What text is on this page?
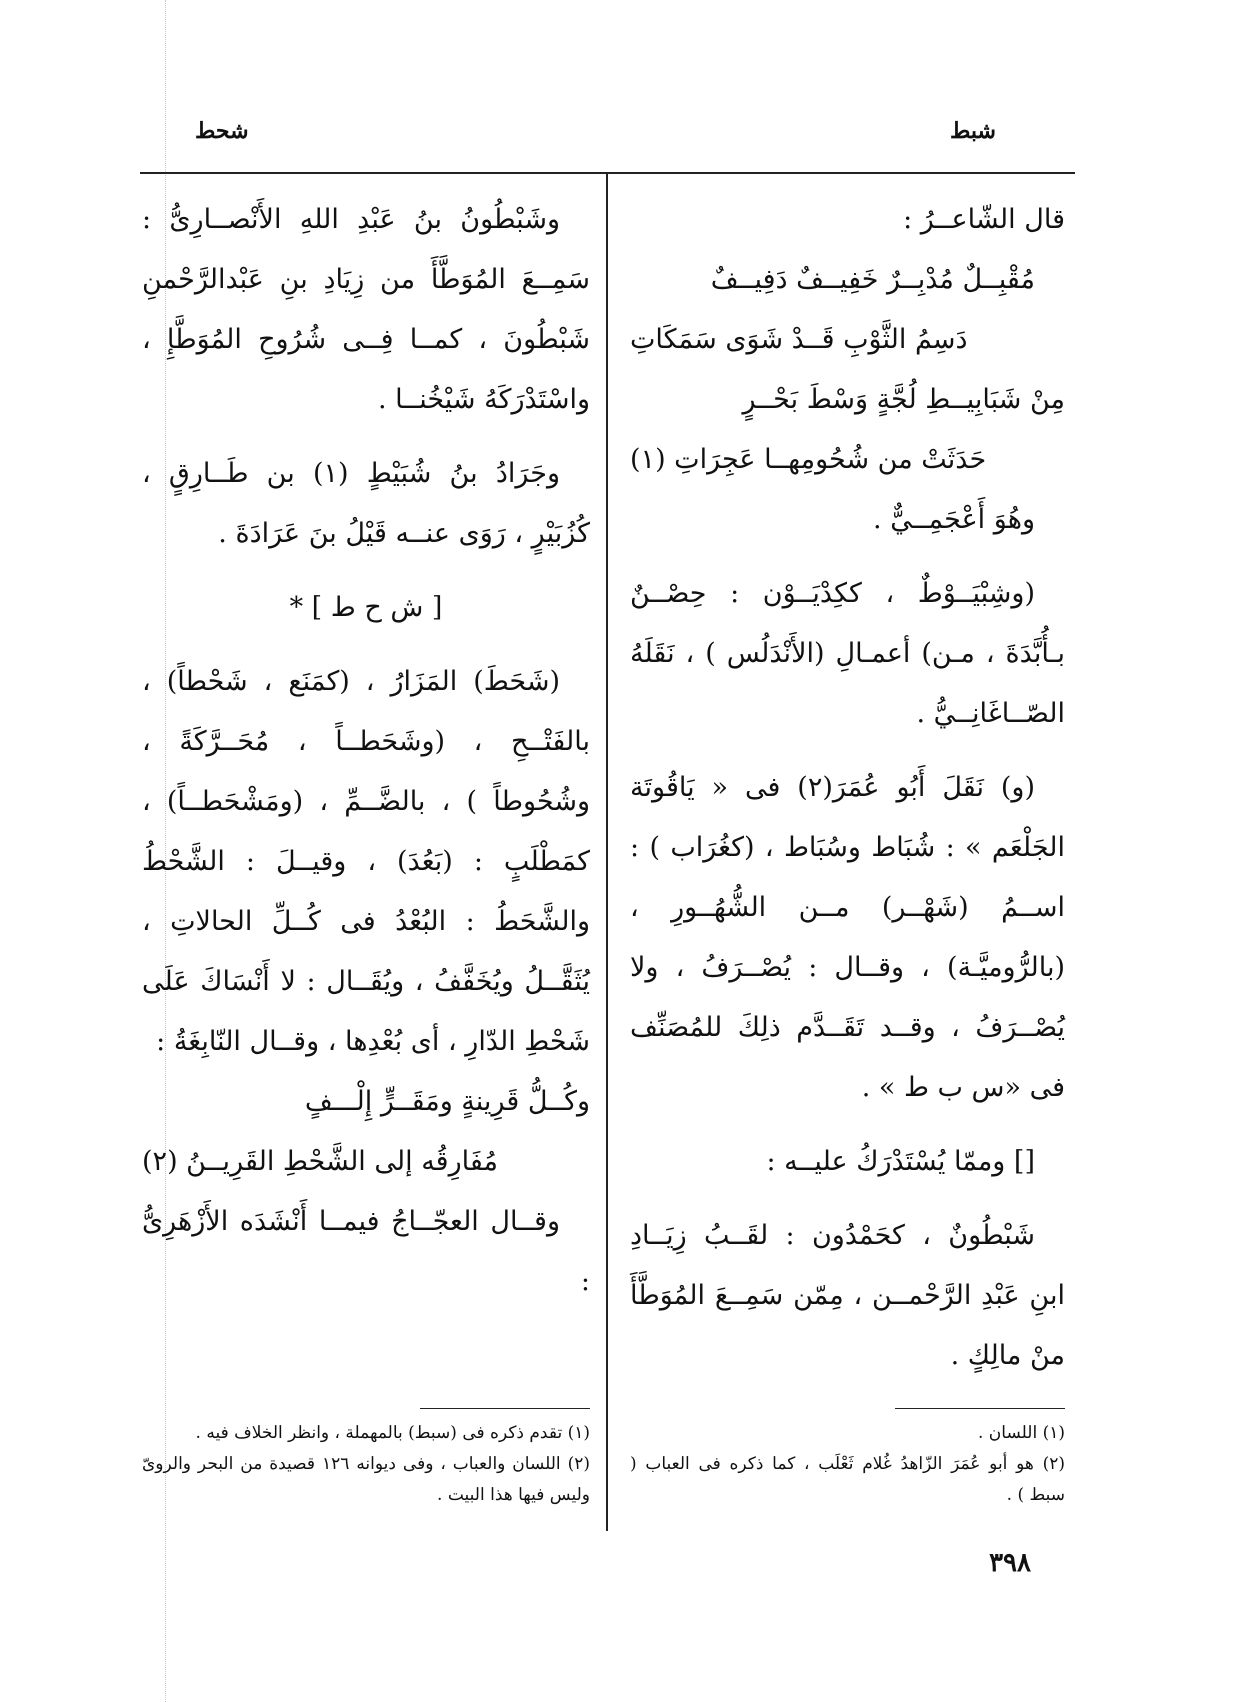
شبط
شحط

قال الشّاعــرُ :

مُقْبِــلٌ مُدْبِــرٌ خَفِيــفٌ دَفِيــفٌ

دَسِمُ الثَّوْبِ قَــدْ شَوَى سَمَكَاتِ

مِنْ شَبَابِيــطِ لُجَّةٍ وَسْطَ بَحْــرٍ

حَدَثَتْ من شُحُومِهــا عَجِرَاتِ (١)

وهُوَ أَعْجَمِــيٌّ .

(وشِبْيَــوْطٌ ، ككِدْيَــوْن : حِصْــنٌ بـأُبَّدَةَ ، مـن) أعمـالِ (الأَنْدَلُس ) ، نَقَلَهُ الصّــاغَانِــيُّ .

(و) نَقَلَ أَبُو عُمَرَ(٢) فى « يَاقُوتَة الجَلْعَم » : شُبَاط وسُبَاط ، (كغُرَاب ) : اســمُ (شَهْــر) مــن الشُّهُــورِ ، (بالرُّوميَّـة) ، وقــال : يُصْــرَفُ ، ولا يُصْــرَفُ ، وقــد تَقَــدَّم ذلِكَ للمُصَنِّف فى «س ب ط » .

[] وممّا يُسْتَدْرَكُ عليــه :

شَبْطُونٌ ، كحَمْدُون : لقَــبُ زِيَــادِ ابنِ عَبْدِ الرَّحْمــن ، مِمّن سَمِــعَ المُوَطَّأَ منْ مالِكٍ .

وشَبْطُونُ بنُ عَبْدِ اللهِ الأَنْصــارِىُّ : سَمِــعَ المُوَطَّأَ من زِيَادِ بنِ عَبْدالرَّحْمنِ شَبْطُونَ ، كمــا فِــى شُرُوحِ المُوَطَّإِ ، واسْتَدْرَكَهُ شَيْخُنــا .

وجَرَادُ بنُ شُبَيْطٍ (١) بن طَــارِقٍ ، كُزُبَيْرٍ ، رَوَى عنــه قَيْلُ بنَ عَرَادَةَ .

[ ش ح ط ] *

(شَحَطَ) المَزَارُ ، (كمَنَع ، شَحْطاً) ، بالفَتْــحِ ، (وشَحَطــاً ، مُحَــرَّكَةً ، وشُحُوطاً ) ، بالضَّــمِّ ، (ومَشْحَطــاً) ، كمَطْلَبٍ : (بَعُدَ) ، وقيــلَ : الشَّحْطُ والشَّحَطُ : البُعْدُ فى كُــلِّ الحالاتِ ، يُثَقَّــلُ ويُخَفَّفُ ، ويُقَــال : لا أَنْسَاكَ عَلَى شَحْطِ الدّارِ ، أى بُعْدِها ، وقــال النّابِغَةُ :

وكُــلُّ قَرِينةٍ ومَقَــرٍّ إِلْـــفٍ

مُفَارِقُه إلى الشَّحْطِ القَرِيــنُ (٢)

وقــال العجّــاجُ فيمــا أَنْشَدَه الأَزْهَرِىُّ :

(١) اللسان .

(٢) هو أبو عُمَرَ الزّاهدُ غُلام ثَعْلَب ، كما ذكره فى العباب ( سبط ) .

(١) تقدم ذكره فى (سبط) بالمهملة ، وانظر الخلاف فيه .

(٢) اللسان والعباب ، وفى ديوانه ١٢٦ قصيدة من البحر والروىّ وليس فيها هذا البيت .

٣٩٨
